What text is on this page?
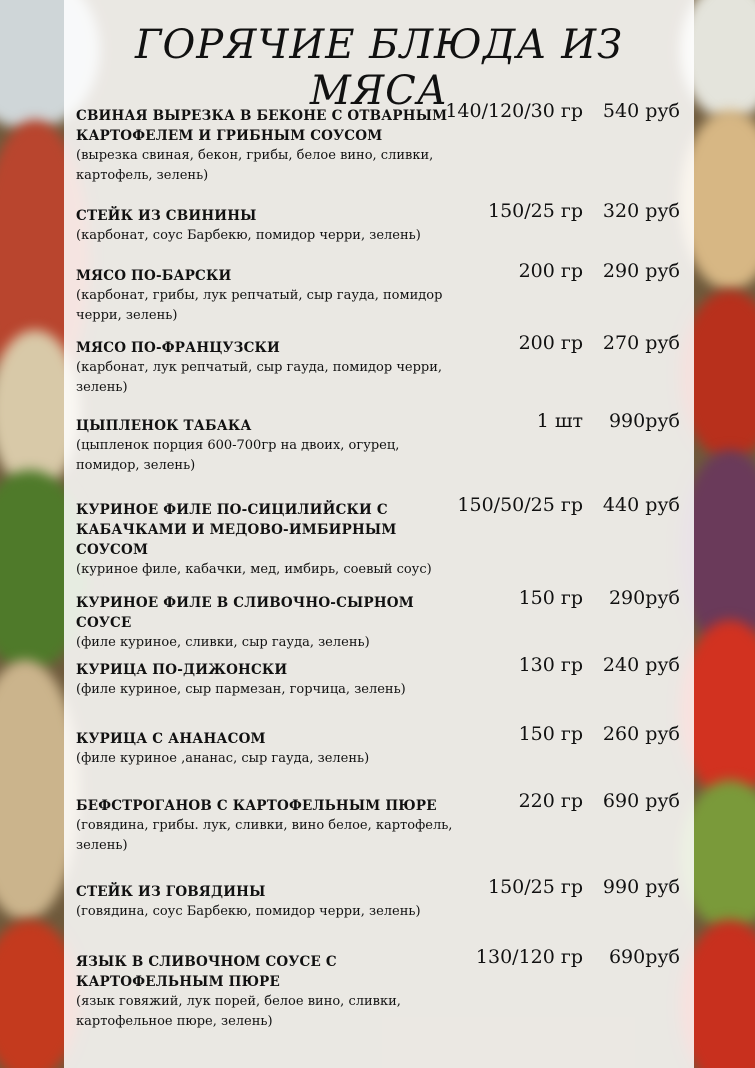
ГОРЯЧИЕ БЛЮДА ИЗ МЯСА
СВИНАЯ ВЫРЕЗКА В БЕКОНЕ С ОТВАРНЫМ КАРТОФЕЛЕМ И ГРИБНЫМ СОУСОМ
(вырезка свиная, бекон, грибы, белое вино, сливки, картофель, зелень)
140/120/30 гр 540 руб
СТЕЙК ИЗ СВИНИНЫ
(карбонат, соус Барбекю, помидор черри, зелень)
150/25 гр 320 руб
МЯСО ПО-БАРСКИ
(карбонат, грибы, лук репчатый, сыр гауда, помидор черри, зелень)
200 гр 290 руб
МЯСО ПО-ФРАНЦУЗСКИ
(карбонат, лук репчатый, сыр гауда, помидор черри, зелень)
200 гр 270 руб
ЦЫПЛЕНОК ТАБАКА
(цыпленок порция 600-700гр на двоих, огурец, помидор, зелень)
1 шт 990руб
КУРИНОЕ ФИЛЕ ПО-СИЦИЛИЙСКИ С КАБАЧКАМИ И МЕДОВО-ИМБИРНЫМ СОУСОМ
(куриное филе, кабачки, мед, имбирь, соевый соус)
150/50/25 гр 440 руб
КУРИНОЕ ФИЛЕ В СЛИВОЧНО-СЫРНОМ СОУСЕ
(филе куриное, сливки, сыр гауда, зелень)
150 гр 290руб
КУРИЦА ПО-ДИЖОНСКИ
(филе куриное, сыр пармезан, горчица, зелень)
130 гр 240 руб
КУРИЦА С АНАНАСОМ
(филе куриное ,ананас, сыр гауда, зелень)
150 гр 260 руб
БЕФСТРОГАНОВ С КАРТОФЕЛЬНЫМ ПЮРЕ
(говядина, грибы. лук, сливки, вино белое, картофель, зелень)
220 гр 690 руб
СТЕЙК ИЗ ГОВЯДИНЫ
(говядина, соус Барбекю, помидор черри, зелень)
150/25 гр 990 руб
ЯЗЫК В СЛИВОЧНОМ СОУСЕ С КАРТОФЕЛЬНЫМ ПЮРЕ
(язык говяжий, лук порей, белое вино, сливки, картофельное пюре, зелень)
130/120 гр 690руб
